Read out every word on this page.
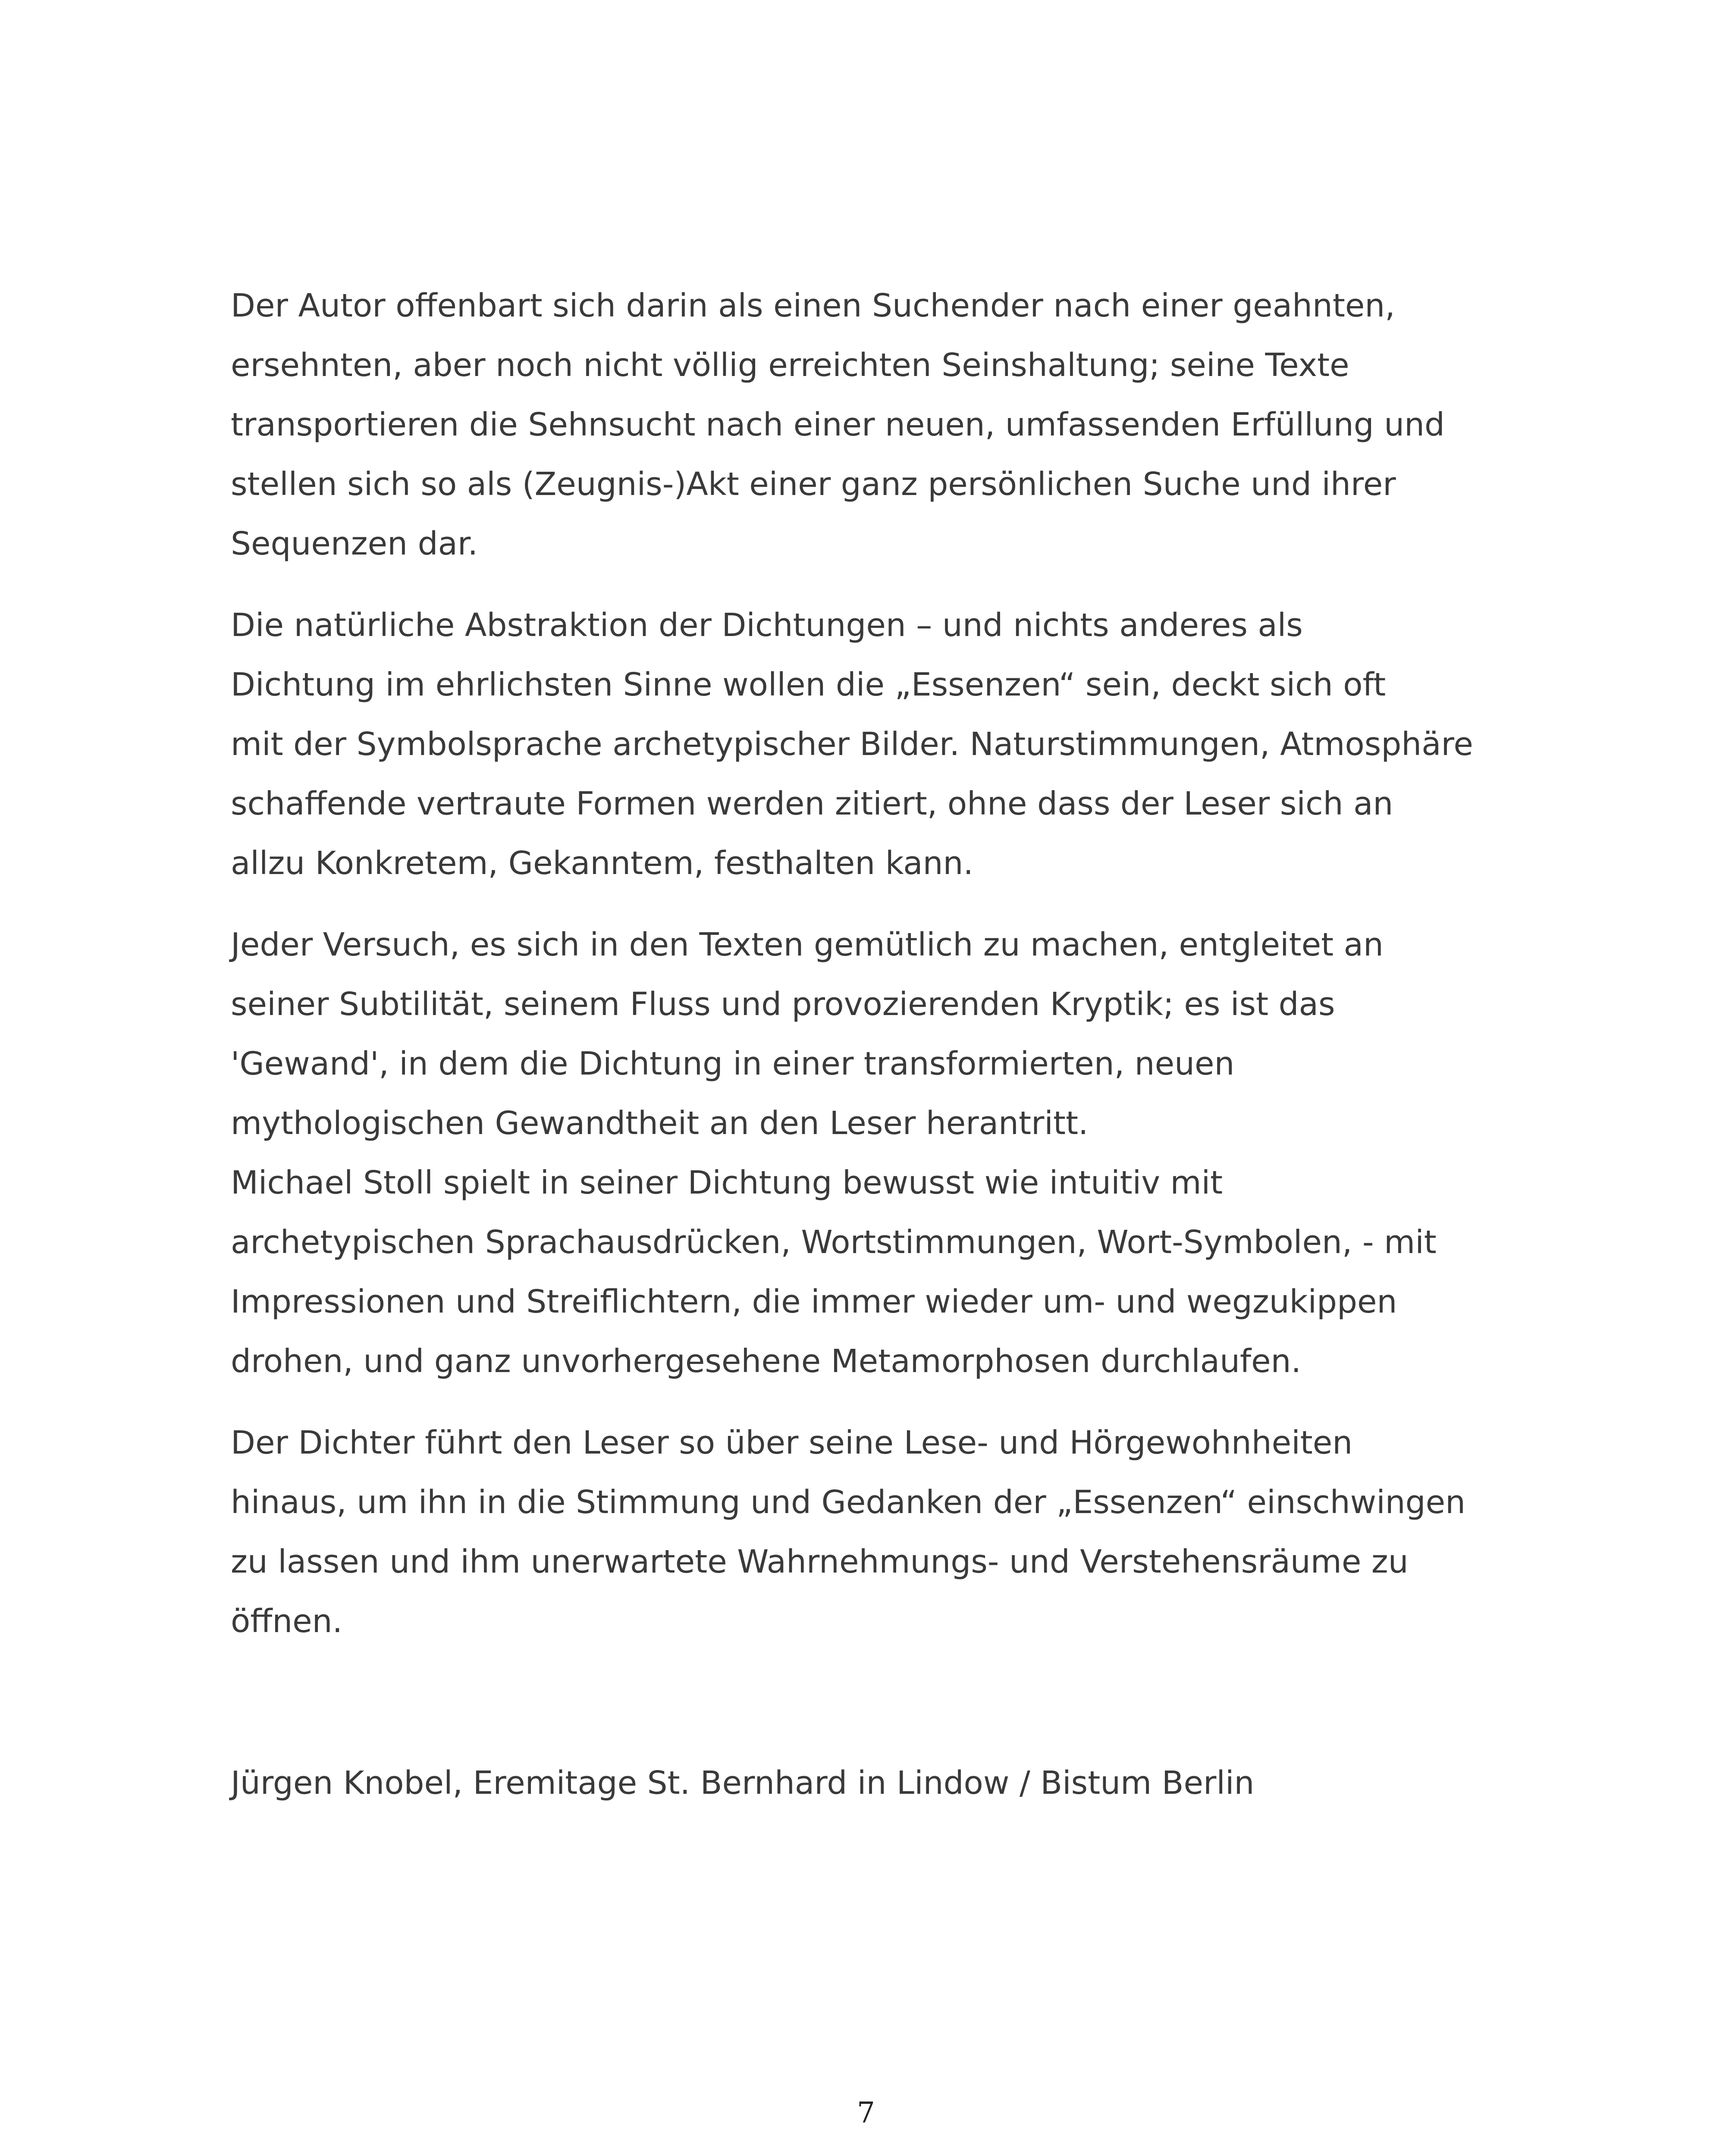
Der Autor offenbart sich darin als einen Suchender nach einer geahnten,
ersehnten, aber noch nicht völlig erreichten Seinshaltung; seine Texte
transportieren die Sehnsucht nach einer neuen, umfassenden Erfüllung und
stellen sich so als (Zeugnis-)Akt einer ganz persönlichen Suche und ihrer
Sequenzen dar.
Die natürliche Abstraktion der Dichtungen – und nichts anderes als
Dichtung im ehrlichsten Sinne wollen die „Essenzen“ sein, deckt sich oft
mit der Symbolsprache archetypischer Bilder. Naturstimmungen, Atmosphäre
schaffende vertraute Formen werden zitiert, ohne dass der Leser sich an
allzu Konkretem, Gekanntem, festhalten kann.
Jeder Versuch, es sich in den Texten gemütlich zu machen, entgleitet an
seiner Subtilität, seinem Fluss und provozierenden Kryptik; es ist das
'Gewand', in dem die Dichtung in einer transformierten, neuen
mythologischen Gewandtheit an den Leser herantritt.
Michael Stoll spielt in seiner Dichtung bewusst wie intuitiv mit
archetypischen Sprachausdrücken, Wortstimmungen, Wort-Symbolen, - mit
Impressionen und Streiflichtern, die immer wieder um- und wegzukippen
drohen, und ganz unvorhergesehene Metamorphosen durchlaufen.
Der Dichter führt den Leser so über seine Lese- und Hörgewohnheiten
hinaus, um ihn in die Stimmung und Gedanken der „Essenzen“ einschwingen
zu lassen und ihm unerwartete Wahrnehmungs- und Verstehensräume zu
öffnen.
Jürgen Knobel, Eremitage St. Bernhard in Lindow / Bistum Berlin
7
